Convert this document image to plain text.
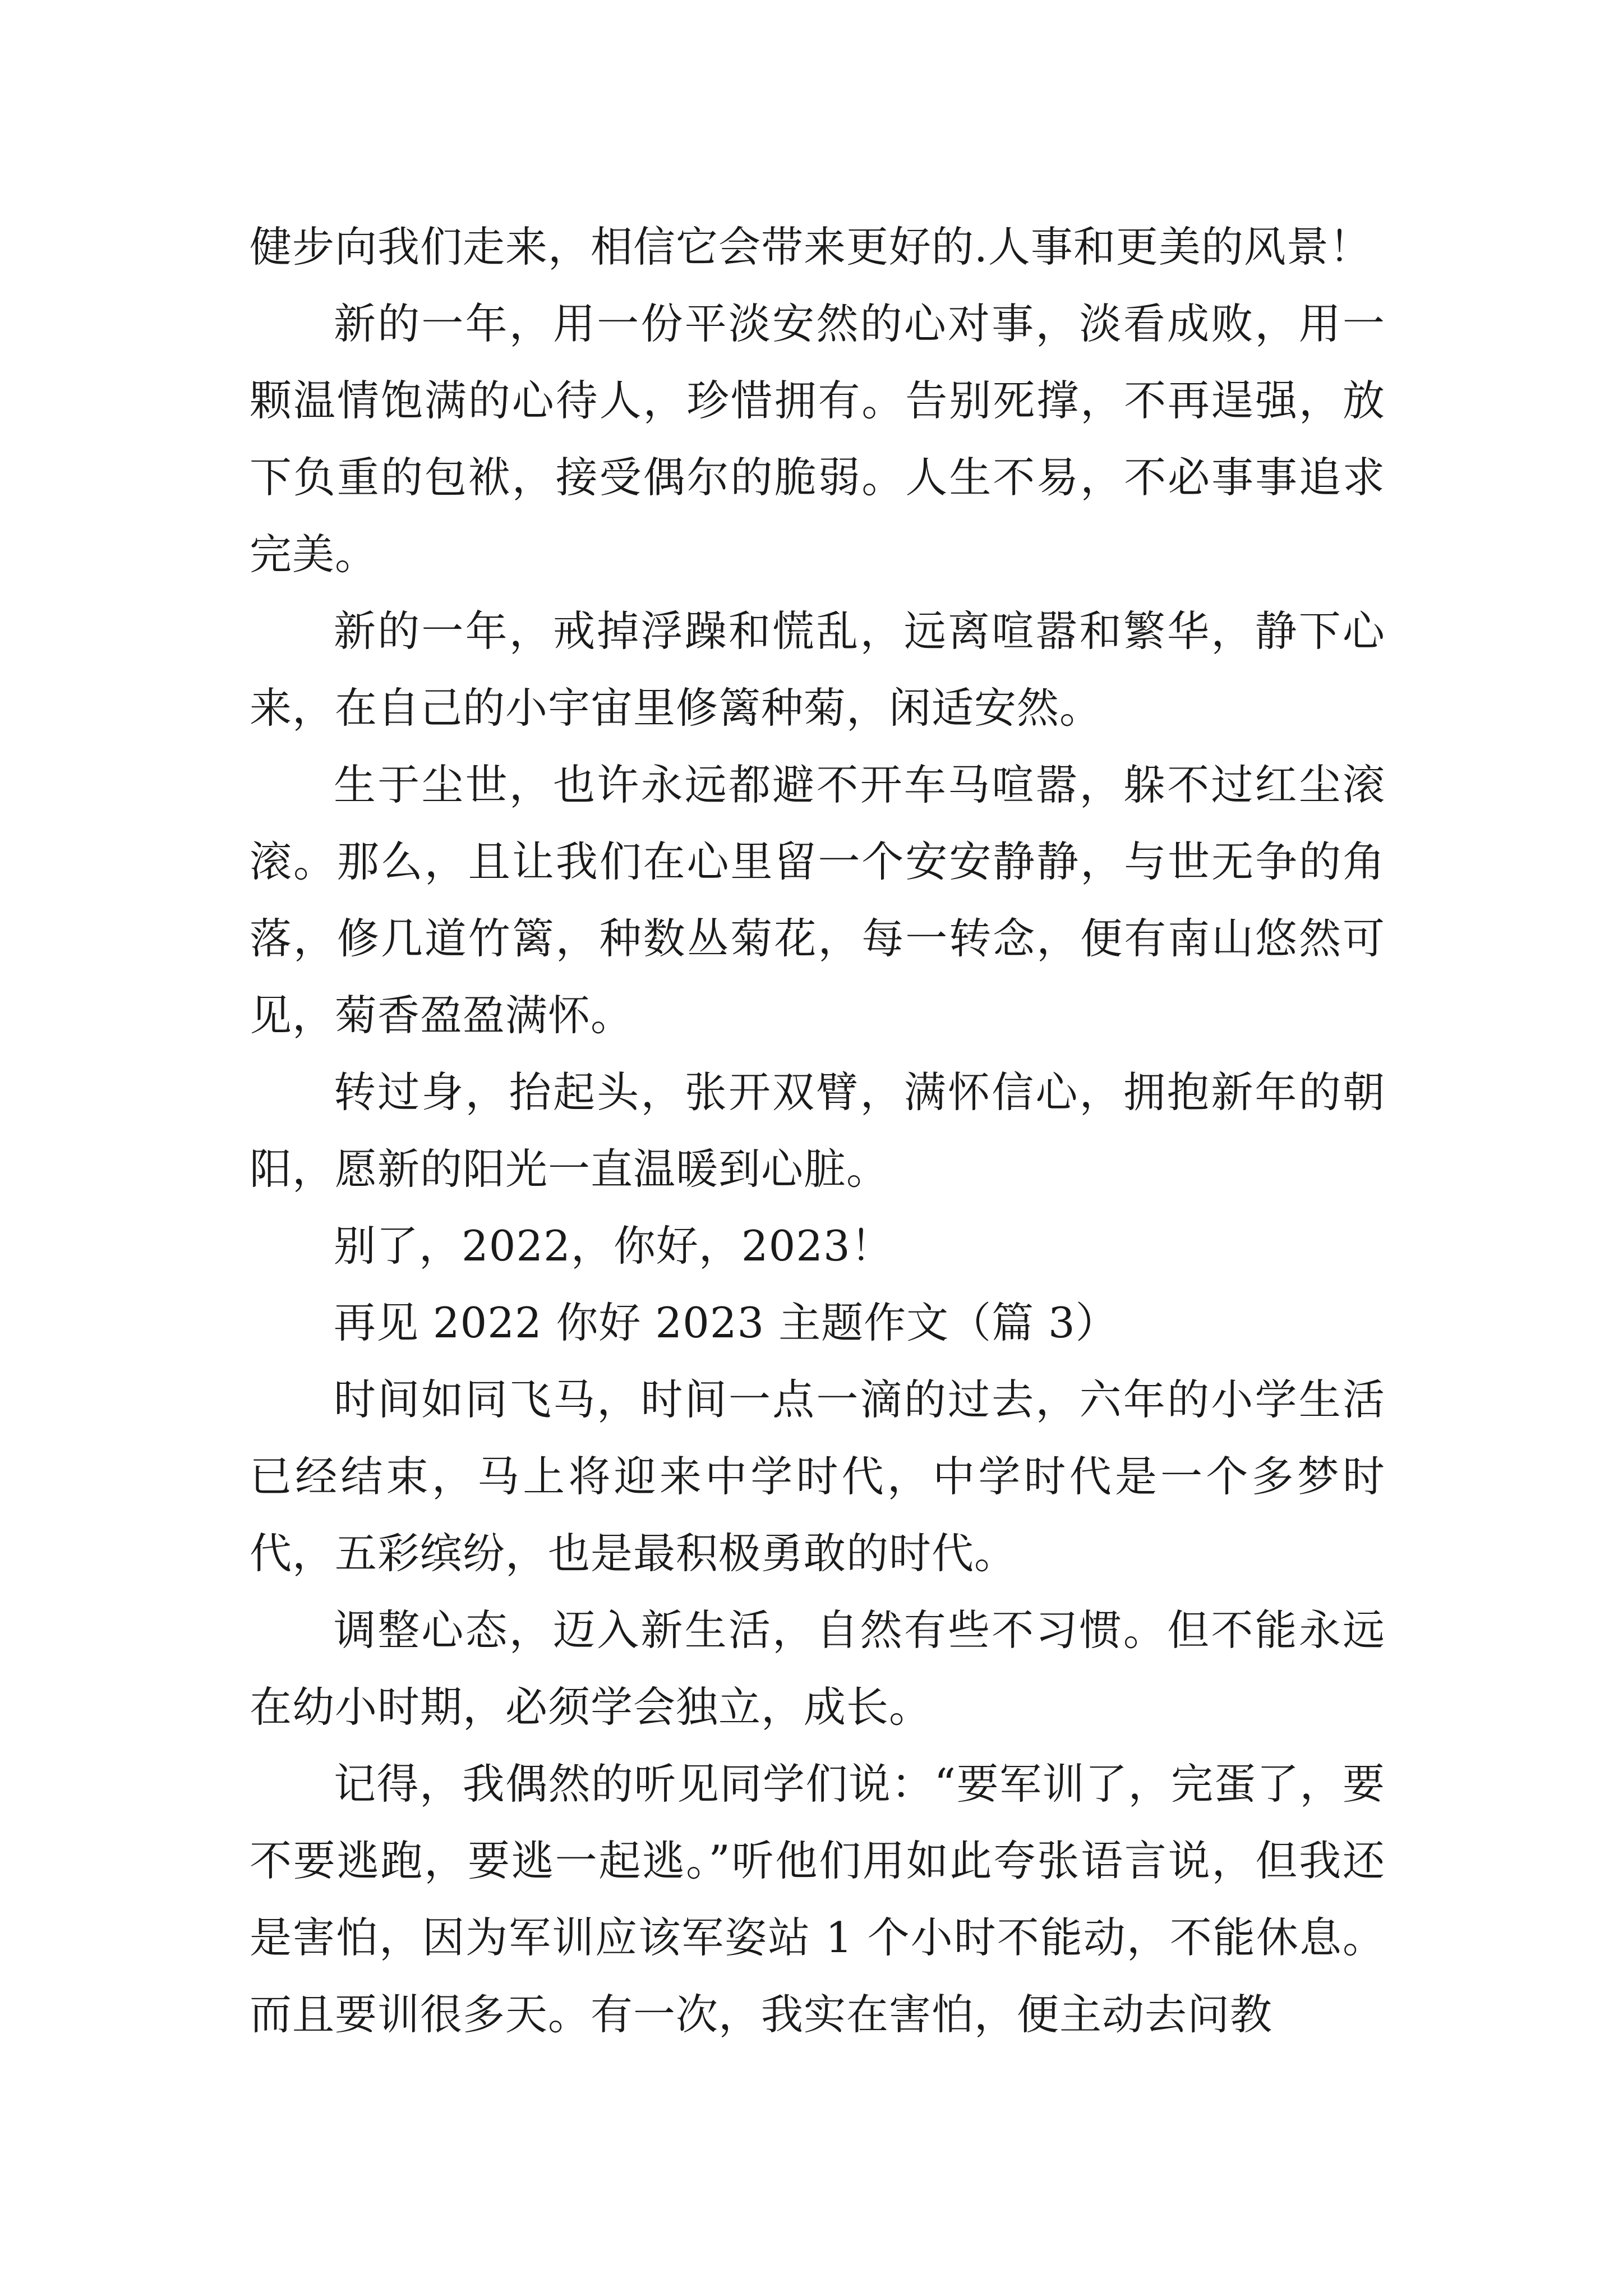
健步向我们走来，相信它会带来更好的.人事和更美的风景！

新的一年，用一份平淡安然的心对事，淡看成败，用一颗温情饱满的心待人，珍惜拥有。告别死撑，不再逞强，放下负重的包袱，接受偶尔的脆弱。人生不易，不必事事追求完美。

新的一年，戒掉浮躁和慌乱，远离喧嚣和繁华，静下心来，在自己的小宇宙里修篱种菊，闲适安然。

生于尘世，也许永远都避不开车马喧嚣，躲不过红尘滚滚。那么，且让我们在心里留一个安安静静，与世无争的角落，修几道竹篱，种数丛菊花，每一转念，便有南山悠然可见，菊香盈盈满怀。

转过身，抬起头，张开双臂，满怀信心，拥抱新年的朝阳，愿新的阳光一直温暖到心脏。

别了，2022，你好，2023！

再见 2022 你好 2023 主题作文（篇 3）

时间如同飞马，时间一点一滴的过去，六年的小学生活已经结束，马上将迎来中学时代，中学时代是一个多梦时代，五彩缤纷，也是最积极勇敢的时代。

调整心态，迈入新生活，自然有些不习惯。但不能永远在幼小时期，必须学会独立，成长。

记得，我偶然的听见同学们说：“要军训了，完蛋了，要不要逃跑，要逃一起逃。”听他们用如此夸张语言说，但我还是害怕，因为军训应该军姿站 1 个小时不能动，不能休息。而且要训很多天。有一次，我实在害怕，便主动去问教
